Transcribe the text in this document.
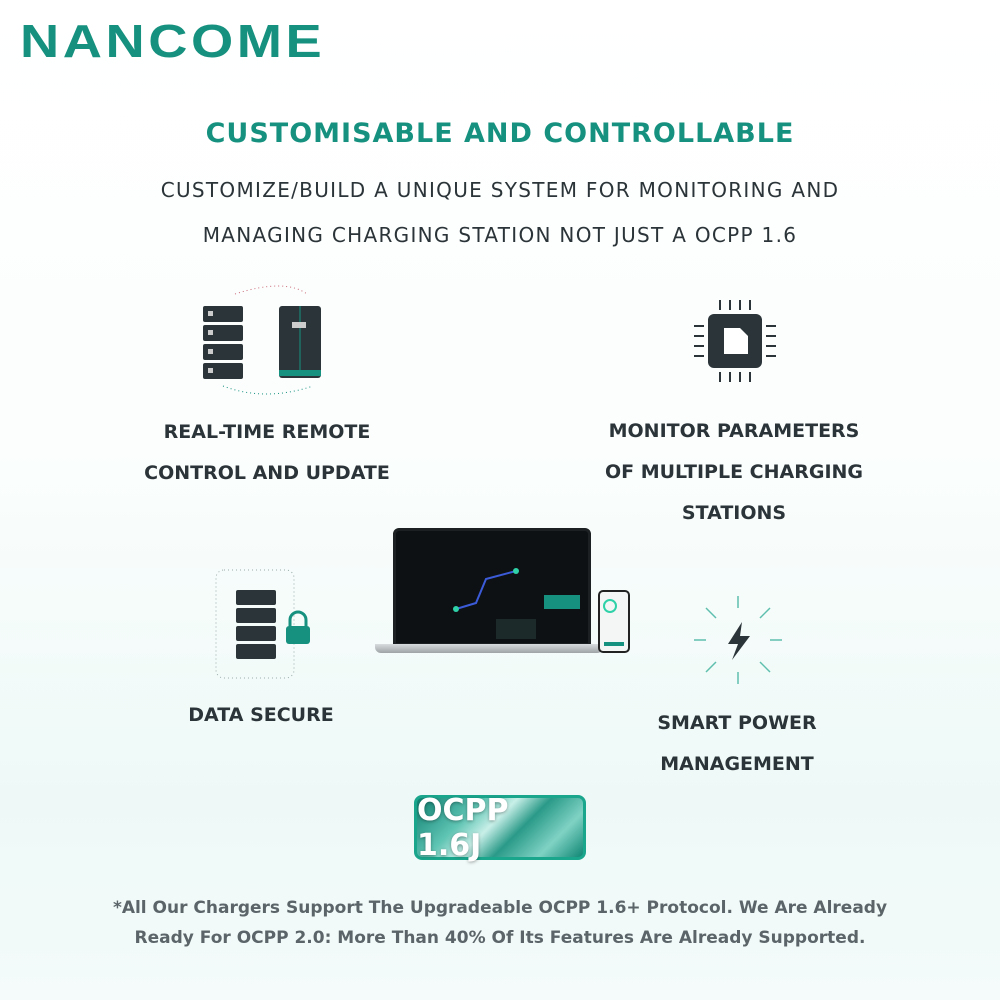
NANCOME
CUSTOMISABLE AND CONTROLLABLE
CUSTOMIZE/BUILD A UNIQUE SYSTEM FOR MONITORING AND
MANAGING CHARGING STATION NOT JUST A OCPP 1.6
REAL-TIME REMOTE
CONTROL AND UPDATE
MONITOR PARAMETERS
OF MULTIPLE CHARGING
STATIONS
DATA SECURE	SMART POWER
MANAGEMENT
OCPP 1.6J
*All Our Chargers Support The Upgradeable OCPP 1.6+ Protocol. We Are Already
Ready For OCPP 2.0: More Than 40% Of Its Features Are Already Supported.
